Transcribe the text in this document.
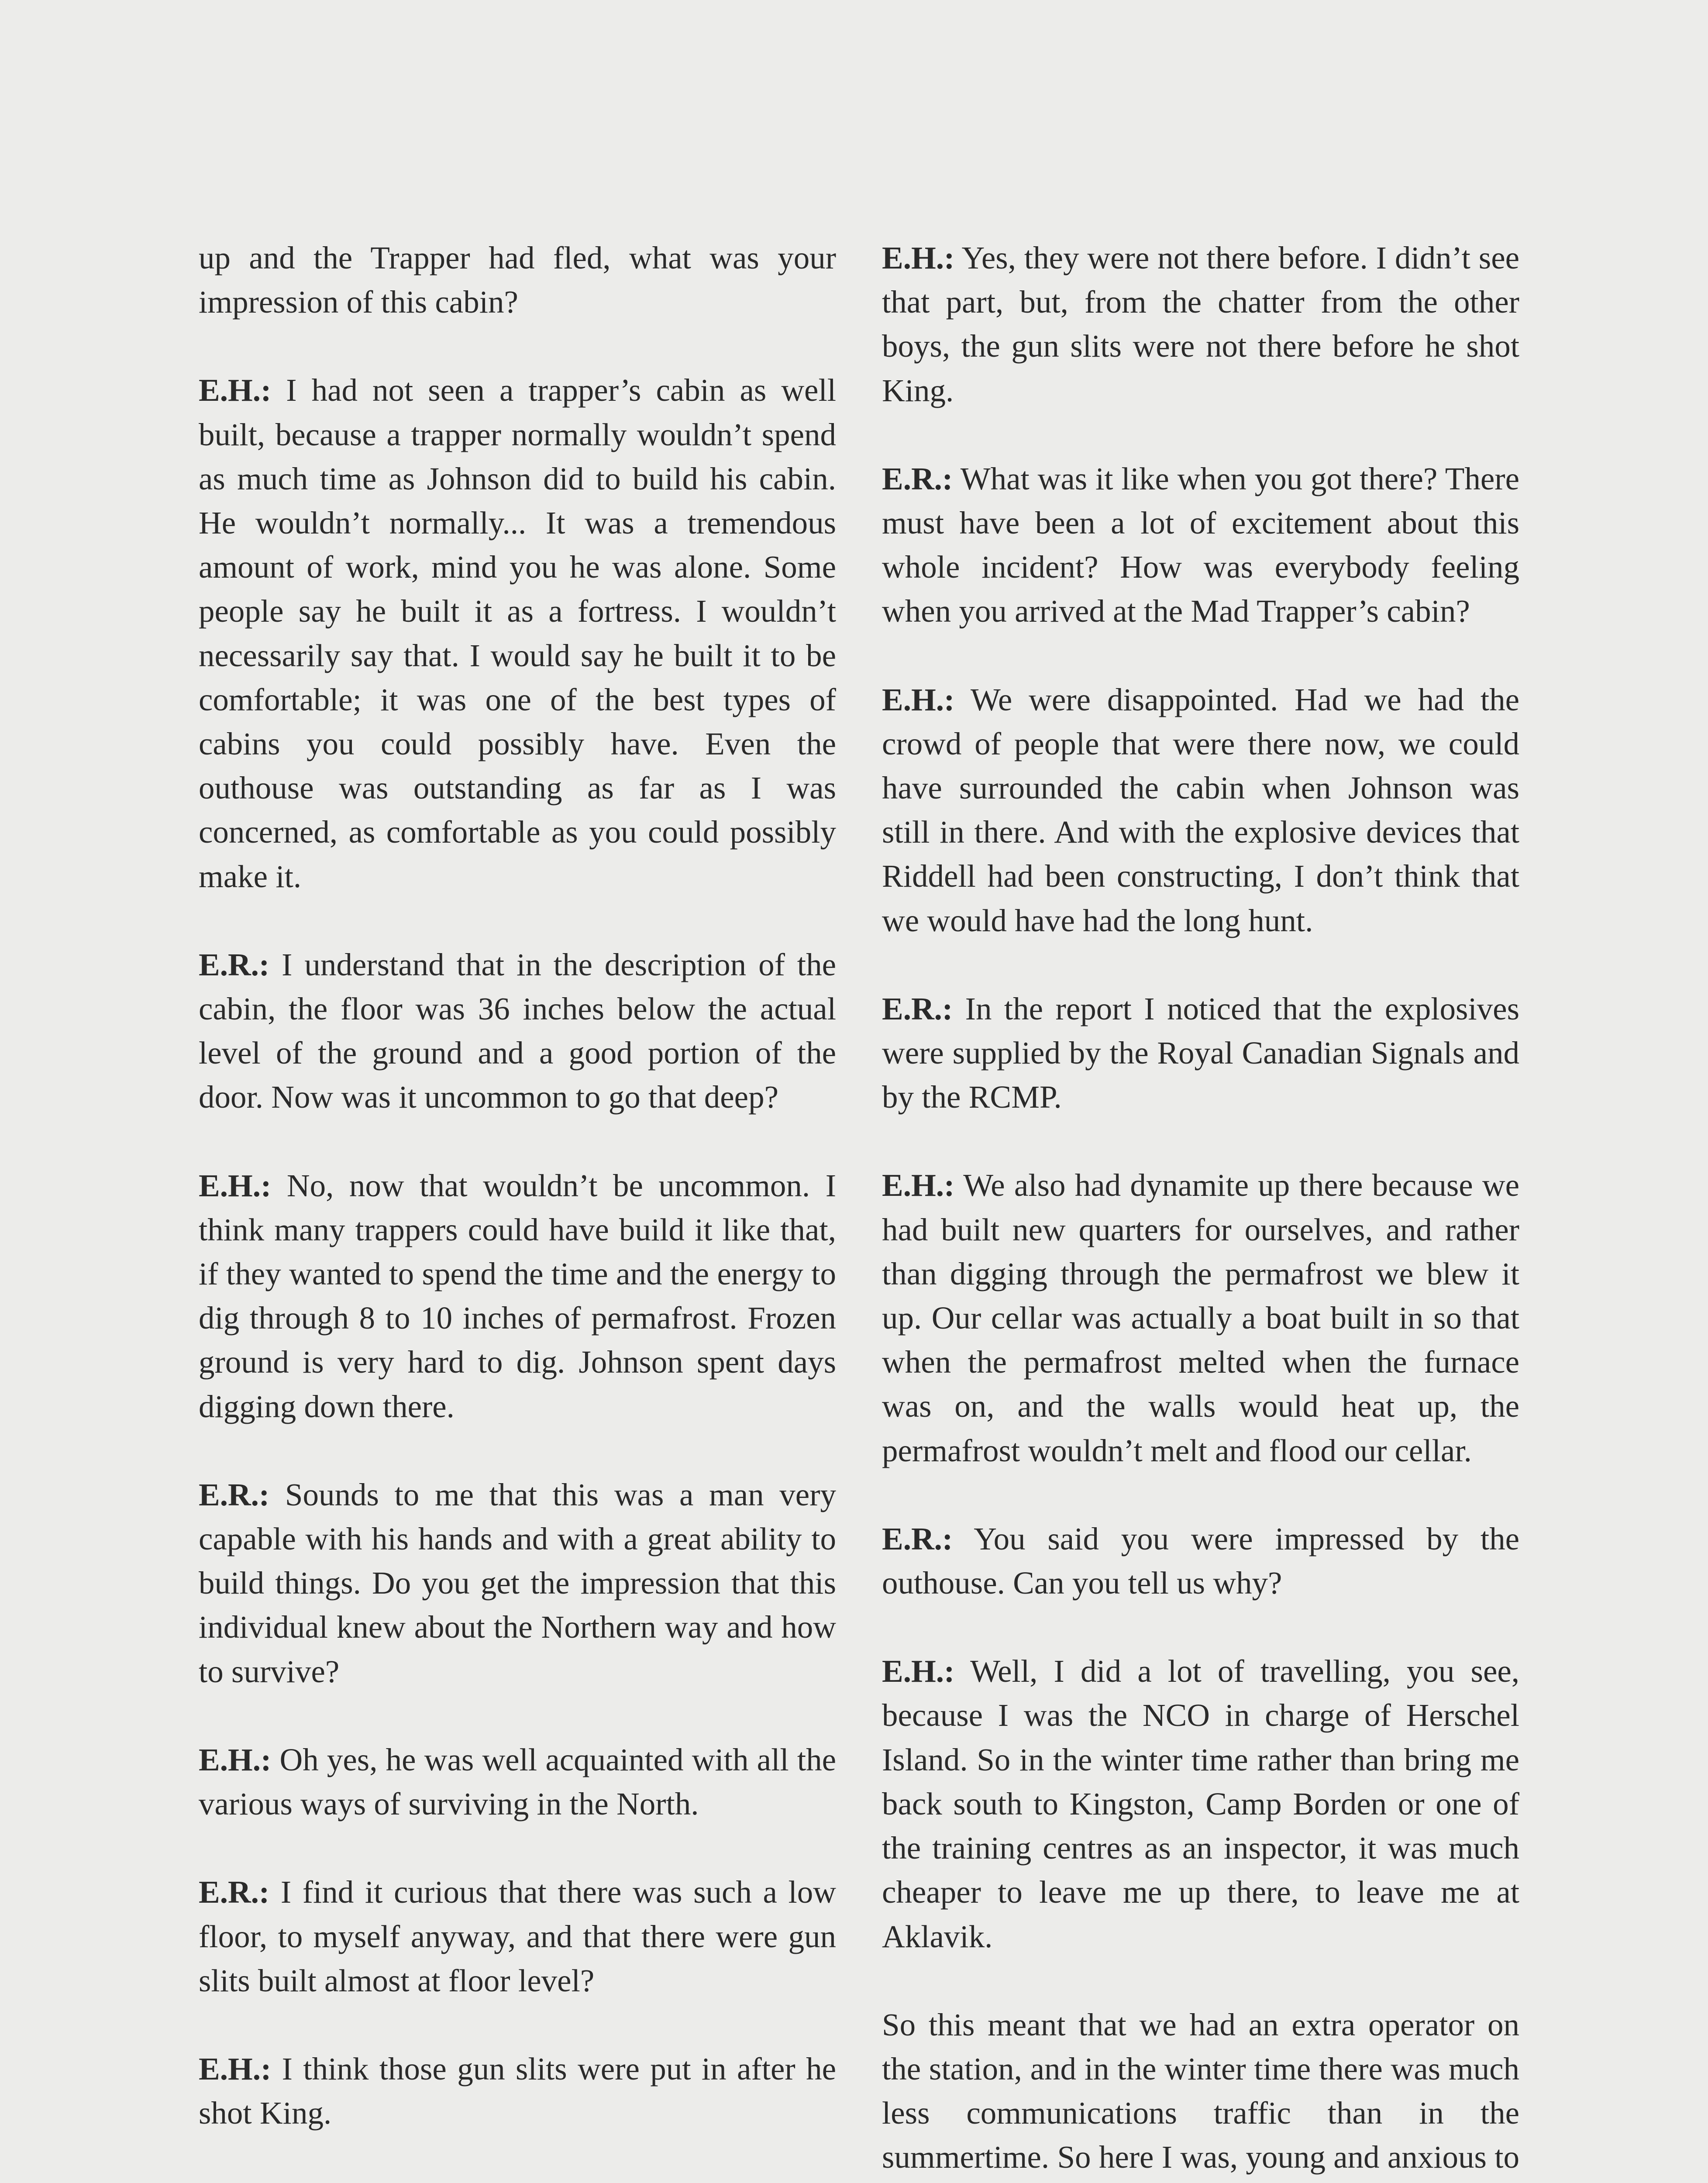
up and the Trapper had fled, what was your impression of this cabin?

E.H.: I had not seen a trapper’s cabin as well built, because a trapper normally wouldn’t spend as much time as Johnson did to build his cabin. He wouldn’t normally... It was a tremendous amount of work, mind you he was alone. Some people say he built it as a fortress. I wouldn’t necessarily say that. I would say he built it to be comfortable; it was one of the best types of cabins you could possibly have. Even the outhouse was outstanding as far as I was concerned, as comfortable as you could possibly make it.

E.R.: I understand that in the description of the cabin, the floor was 36 inches below the actual level of the ground and a good portion of the door. Now was it uncommon to go that deep?

E.H.: No, now that wouldn’t be uncommon. I think many trappers could have build it like that, if they wanted to spend the time and the energy to dig through 8 to 10 inches of permafrost. Frozen ground is very hard to dig. Johnson spent days digging down there.

E.R.: Sounds to me that this was a man very capable with his hands and with a great ability to build things. Do you get the impression that this individual knew about the Northern way and how to survive?

E.H.: Oh yes, he was well acquainted with all the various ways of surviving in the North.

E.R.: I find it curious that there was such a low floor, to myself anyway, and that there were gun slits built almost at floor level?

E.H.: I think those gun slits were put in after he shot King.

E.H.: Yes, they were not there before. I didn’t see that part, but, from the chatter from the other boys, the gun slits were not there before he shot King.

E.R.: What was it like when you got there? There must have been a lot of excitement about this whole incident? How was everybody feeling when you arrived at the Mad Trapper’s cabin?

E.H.: We were disappointed. Had we had the crowd of people that were there now, we could have surrounded the cabin when Johnson was still in there. And with the explosive devices that Riddell had been constructing, I don’t think that we would have had the long hunt.

E.R.: In the report I noticed that the explosives were supplied by the Royal Canadian Signals and by the RCMP.

E.H.: We also had dynamite up there because we had built new quarters for ourselves, and rather than digging through the permafrost we blew it up. Our cellar was actually a boat built in so that when the permafrost melted when the furnace was on, and the walls would heat up, the permafrost wouldn’t melt and flood our cellar.

E.R.: You said you were impressed by the outhouse. Can you tell us why?

E.H.: Well, I did a lot of travelling, you see, because I was the NCO in charge of Herschel Island. So in the winter time rather than bring me back south to Kingston, Camp Borden or one of the training centres as an inspector, it was much cheaper to leave me up there, to leave me at Aklavik.

So this meant that we had an extra operator on the station, and in the winter time there was much less communications traffic than in the summertime. So here I was, young and anxious to
